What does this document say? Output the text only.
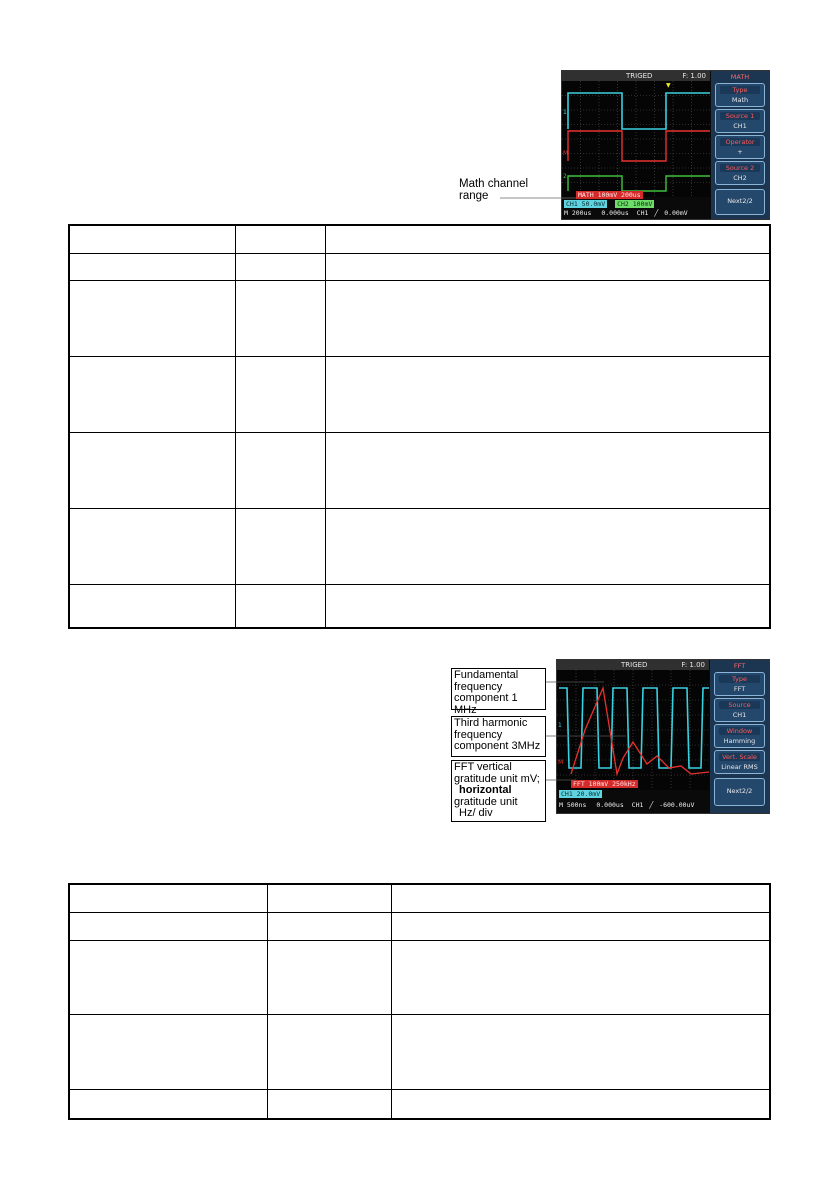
TRIGED	F: 1.00
1
M
2
▼
MATH 100mV 200us
CH1 50.0mV CH2 100mV
M 200us 0.000us CH1 ╱ 0.00mV
MATH
Type
Math
Source 1
CH1
Operator
+
Source 2
CH2
Next2/2
Math channel
range

TRIGED	F: 1.00
1
M
FFT 100mV 250kHz
CH1 20.0mV
M 500ns 0.000us CH1 ╱ -600.00uV
FFT
Type
FFT
Source
CH1
Window
Hamming
Vert. Scale
Linear RMS
Next2/2
Fundamental
frequency
component 1 MHz
Third harmonic
frequency
component 3MHz
FFT vertical
gratitude unit mV;
horizontal
gratitude unit
Hz/ div
